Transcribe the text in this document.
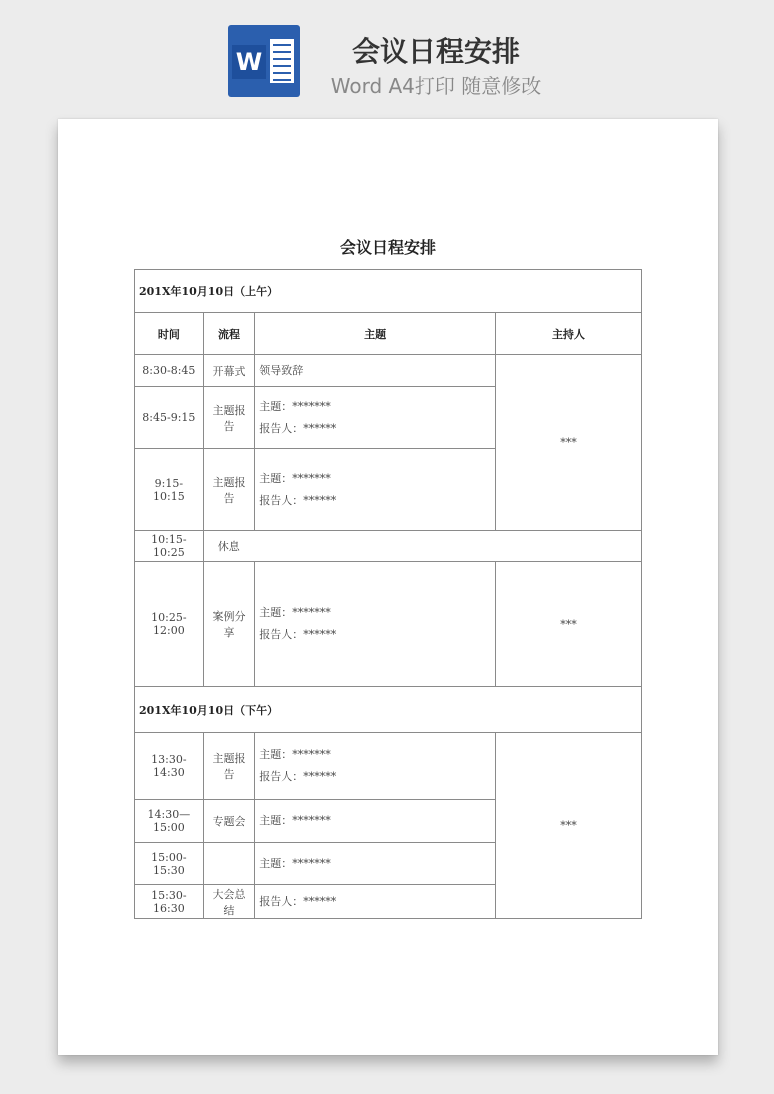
W	会议日程安排
Word A4打印 随意修改
会议日程安排
201X年10月10日（上午）			
时间	流程	主题	主持人
8:30-8:45	开幕式	领导致辞	***
8:45-9:15	主题报告	主题：*******
报告人：******	

9:15-10:15	主题报告	主题：*******
报告人：******	

10:15-10:25	休息		
10:25-12:00	案例分享	主题：*******
报告人：******	***
201X年10月10日（下午）			
13:30-14:30	主题报告	主题：*******
报告人：******	***
14:30—15:00	专题会	主题：*******	

15:00-15:30		主题：*******	

15:30-16:30	大会总结	报告人：******	
